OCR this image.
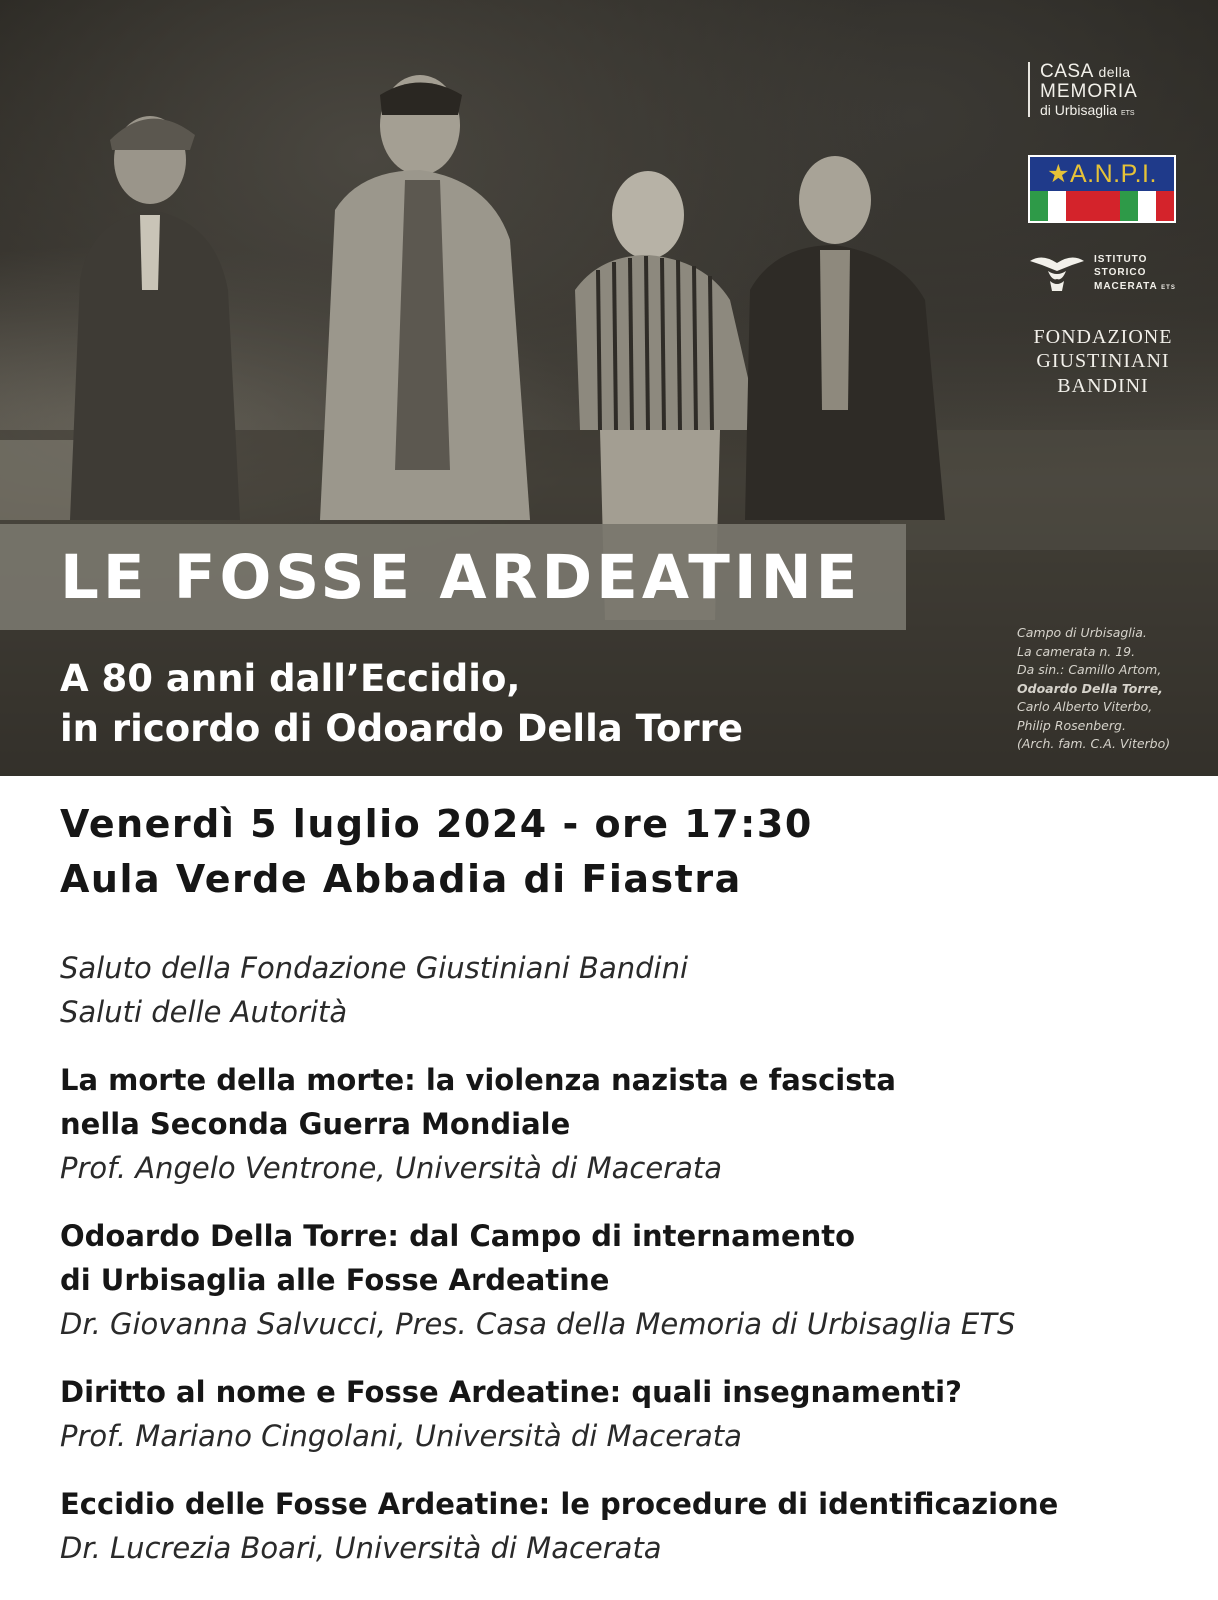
CASA della
MEMORIA
di Urbisaglia ETS
★A.N.P.I.
ISTITUTO
STORICO
MACERATA ETS
FONDAZIONE
GIUSTINIANI
BANDINI
LE FOSSE ARDEATINE
A 80 anni dall’Eccidio,
in ricordo di Odoardo Della Torre
Campo di Urbisaglia.
La camerata n. 19.
Da sin.: Camillo Artom,
Odoardo Della Torre,
Carlo Alberto Viterbo,
Philip Rosenberg.
(Arch. fam. C.A. Viterbo)
Venerdì 5 luglio 2024 - ore 17:30
Aula Verde Abbadia di Fiastra
Saluto della Fondazione Giustiniani Bandini
Saluti delle Autorità
La morte della morte: la violenza nazista e fascista
nella Seconda Guerra Mondiale
Prof. Angelo Ventrone, Università di Macerata
Odoardo Della Torre: dal Campo di internamento
di Urbisaglia alle Fosse Ardeatine
Dr. Giovanna Salvucci, Pres. Casa della Memoria di Urbisaglia ETS
Diritto al nome e Fosse Ardeatine: quali insegnamenti?
Prof. Mariano Cingolani, Università di Macerata
Eccidio delle Fosse Ardeatine: le procedure di identificazione
Dr. Lucrezia Boari, Università di Macerata
